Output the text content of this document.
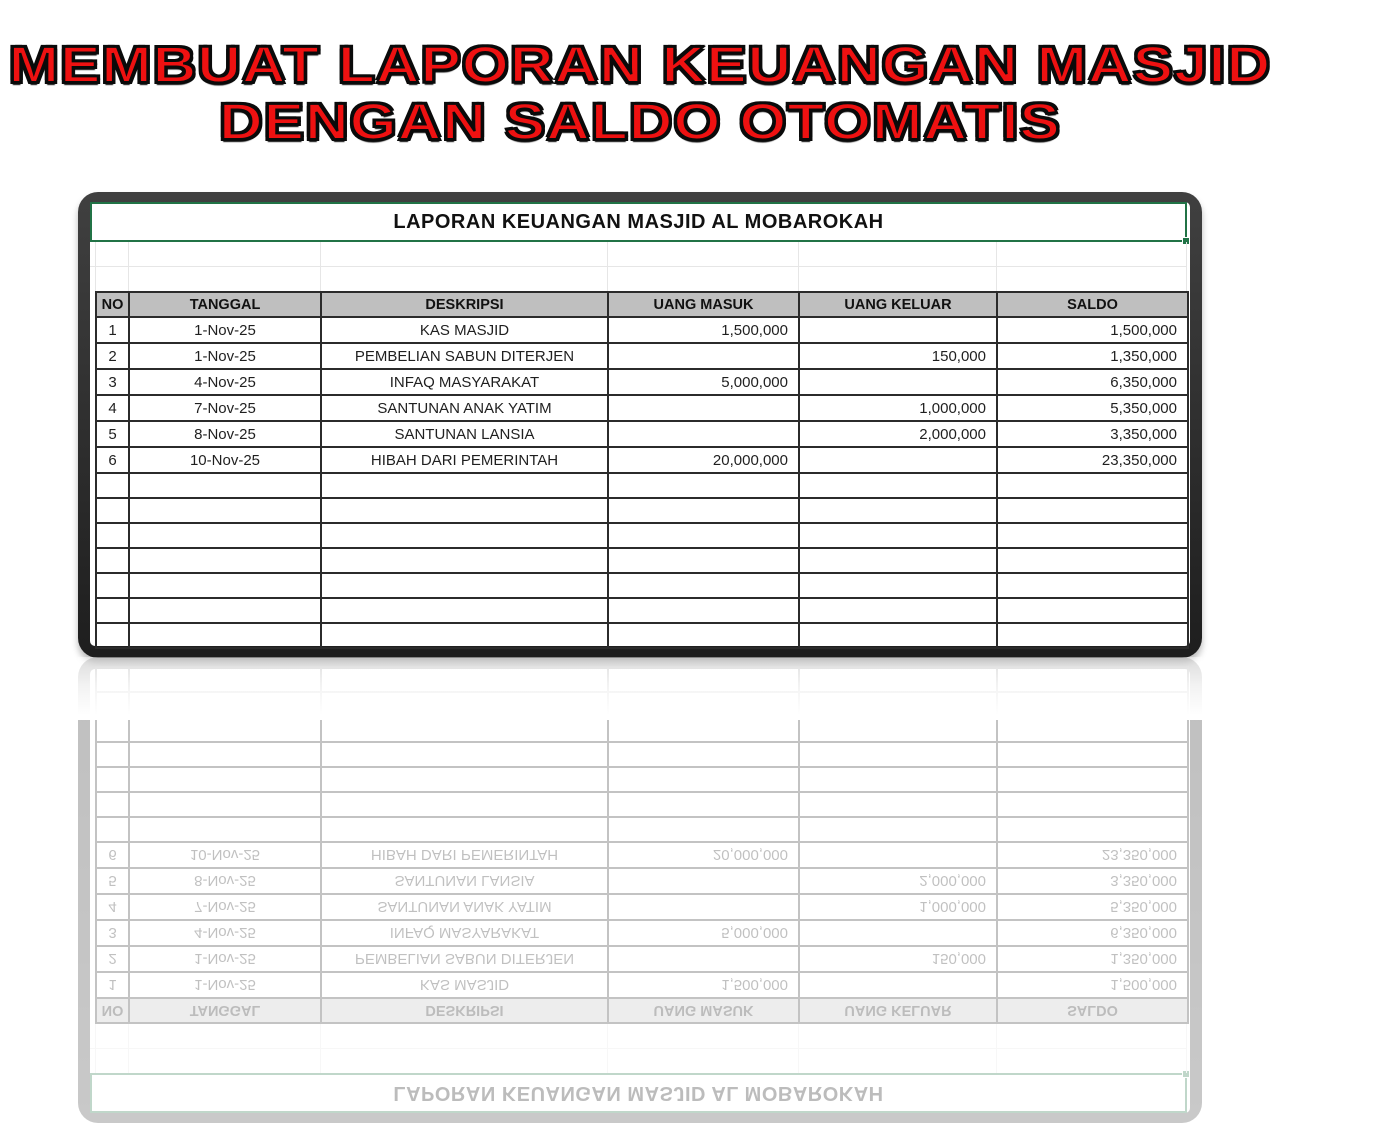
MEMBUAT LAPORAN KEUANGAN MASJID
DENGAN SALDO OTOMATIS
LAPORAN KEUANGAN MASJID AL MOBAROKAH
NO	TANGGAL	DESKRIPSI	UANG MASUK	UANG KELUAR	SALDO
1	1-Nov-25	KAS MASJID	1,500,000		1,500,000
2	1-Nov-25	PEMBELIAN SABUN DITERJEN		150,000	1,350,000
3	4-Nov-25	INFAQ MASYARAKAT	5,000,000		6,350,000
4	7-Nov-25	SANTUNAN ANAK YATIM		1,000,000	5,350,000
5	8-Nov-25	SANTUNAN LANSIA		2,000,000	3,350,000
6	10-Nov-25	HIBAH DARI PEMERINTAH	20,000,000		23,350,000

LAPORAN KEUANGAN MASJID AL MOBAROKAH
NO	TANGGAL	DESKRIPSI	UANG MASUK	UANG KELUAR	SALDO
1	1-Nov-25	KAS MASJID	1,500,000		1,500,000
2	1-Nov-25	PEMBELIAN SABUN DITERJEN		150,000	1,350,000
3	4-Nov-25	INFAQ MASYARAKAT	5,000,000		6,350,000
4	7-Nov-25	SANTUNAN ANAK YATIM		1,000,000	5,350,000
5	8-Nov-25	SANTUNAN LANSIA		2,000,000	3,350,000
6	10-Nov-25	HIBAH DARI PEMERINTAH	20,000,000		23,350,000
